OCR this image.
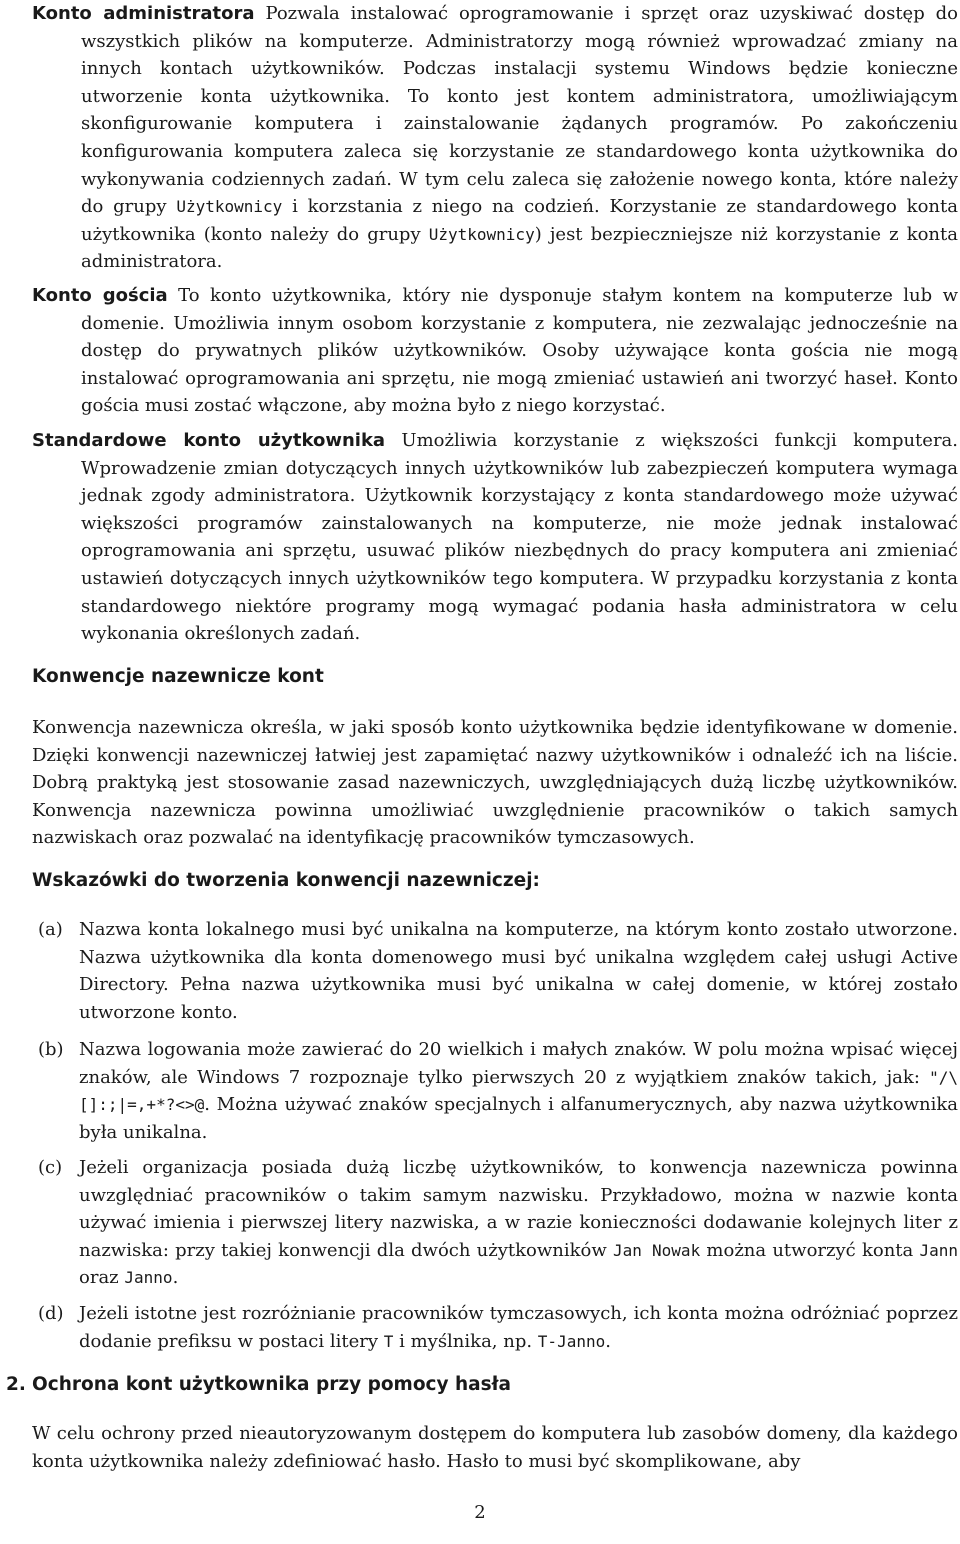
Konto administratora Pozwala instalować oprogramowanie i sprzęt oraz uzyskiwać dostęp do wszystkich plików na komputerze. Administratorzy mogą również wprowadzać zmiany na innych kontach użytkowników. Podczas instalacji systemu Windows będzie konieczne utworzenie konta użytkownika. To konto jest kontem administratora, umożliwiającym skonfigurowanie komputera i zainstalowanie żądanych programów. Po zakończeniu konfigurowania komputera zaleca się korzystanie ze standardowego konta użytkownika do wykonywania codziennych zadań. W tym celu zaleca się założenie nowego konta, które należy do grupy Użytkownicy i korzstania z niego na codzień. Korzystanie ze standardowego konta użytkownika (konto należy do grupy Użytkownicy) jest bezpieczniejsze niż korzystanie z konta administratora.

Konto gościa To konto użytkownika, który nie dysponuje stałym kontem na komputerze lub w domenie. Umożliwia innym osobom korzystanie z komputera, nie zezwalając jednocześnie na dostęp do prywatnych plików użytkowników. Osoby używające konta gościa nie mogą instalować oprogramowania ani sprzętu, nie mogą zmieniać ustawień ani tworzyć haseł. Konto gościa musi zostać włączone, aby można było z niego korzystać.

Standardowe konto użytkownika Umożliwia korzystanie z większości funkcji komputera. Wprowadzenie zmian dotyczących innych użytkowników lub zabezpieczeń komputera wymaga jednak zgody administratora. Użytkownik korzystający z konta standardowego może używać większości programów zainstalowanych na komputerze, nie może jednak instalować oprogramowania ani sprzętu, usuwać plików niezbędnych do pracy komputera ani zmieniać ustawień dotyczących innych użytkowników tego komputera. W przypadku korzystania z konta standardowego niektóre programy mogą wymagać podania hasła administratora w celu wykonania określonych zadań.

Konwencje nazewnicze kont

Konwencja nazewnicza określa, w jaki sposób konto użytkownika będzie identyfikowane w domenie. Dzięki konwencji nazewniczej łatwiej jest zapamiętać nazwy użytkowników i odnaleźć ich na liście. Dobrą praktyką jest stosowanie zasad nazewniczych, uwzględniających dużą liczbę użytkowników. Konwencja nazewnicza powinna umożliwiać uwzględnienie pracowników o takich samych nazwiskach oraz pozwalać na identyfikację pracowników tymczasowych.

Wskazówki do tworzenia konwencji nazewniczej:
(a) Nazwa konta lokalnego musi być unikalna na komputerze, na którym konto zostało utworzone. Nazwa użytkownika dla konta domenowego musi być unikalna względem całej usługi Active Directory. Pełna nazwa użytkownika musi być unikalna w całej domenie, w której zostało utworzone konto.
(b) Nazwa logowania może zawierać do 20 wielkich i małych znaków. W polu można wpisać więcej znaków, ale Windows 7 rozpoznaje tylko pierwszych 20 z wyjątkiem znaków takich, jak: "/\[]:;|=,+*?<>@. Można używać znaków specjalnych i alfanumerycznych, aby nazwa użytkownika była unikalna.
(c) Jeżeli organizacja posiada dużą liczbę użytkowników, to konwencja nazewnicza powinna uwzględniać pracowników o takim samym nazwisku. Przykładowo, można w nazwie konta używać imienia i pierwszej litery nazwiska, a w razie konieczności dodawanie kolejnych liter z nazwiska: przy takiej konwencji dla dwóch użytkowników Jan Nowak można utworzyć konta Jann oraz Janno.
(d) Jeżeli istotne jest rozróżnianie pracowników tymczasowych, ich konta można odróżniać poprzez dodanie prefiksu w postaci litery T i myślnika, np. T-Janno.
2. Ochrona kont użytkownika przy pomocy hasła

W celu ochrony przed nieautoryzowanym dostępem do komputera lub zasobów domeny, dla każdego konta użytkownika należy zdefiniować hasło. Hasło to musi być skomplikowane, aby

2
